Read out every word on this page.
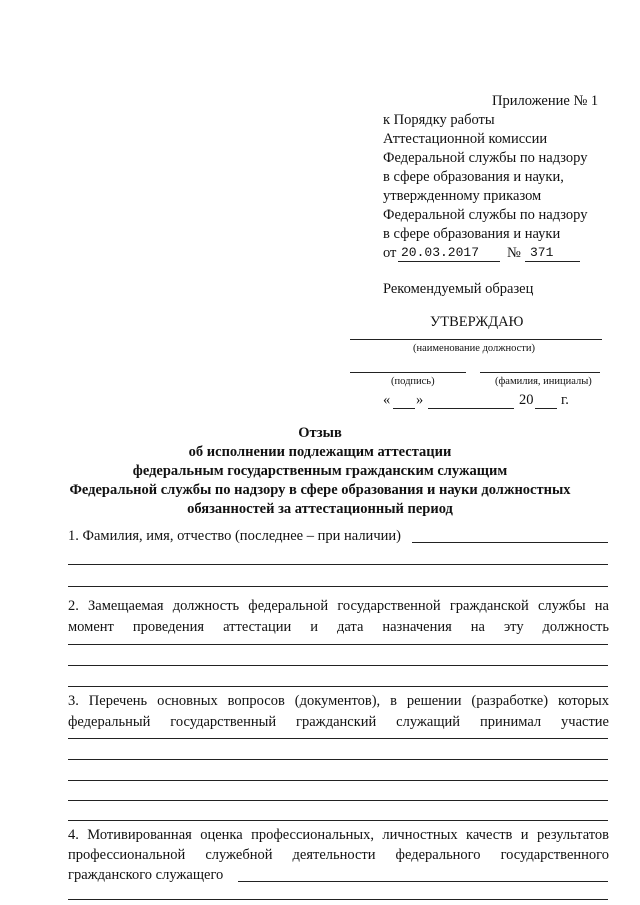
Приложение № 1
к Порядку работы
Аттестационной комиссии
Федеральной службы по надзору
в сфере образования и науки,
утвержденному приказом
Федеральной службы по надзору
в сфере образования и науки
от 20.03.2017 № 371
Рекомендуемый образец
УТВЕРЖДАЮ
(наименование должности)
(подпись)	(фамилия, инициалы)
« »	20 г.
Отзыв
об исполнении подлежащим аттестации
федеральным государственным гражданским служащим
Федеральной службы по надзору в сфере образования и науки должностных
обязанностей за аттестационный период
1. Фамилия, имя, отчество (последнее – при наличии)
2. Замещаемая должность федеральной государственной гражданской службы на
момент проведения аттестации и дата назначения на эту должность
3. Перечень основных вопросов (документов), в решении (разработке) которых
федеральный государственный гражданский служащий принимал участие
4. Мотивированная оценка профессиональных, личностных качеств и результатов
профессиональной служебной деятельности федерального государственного
гражданского служащего
